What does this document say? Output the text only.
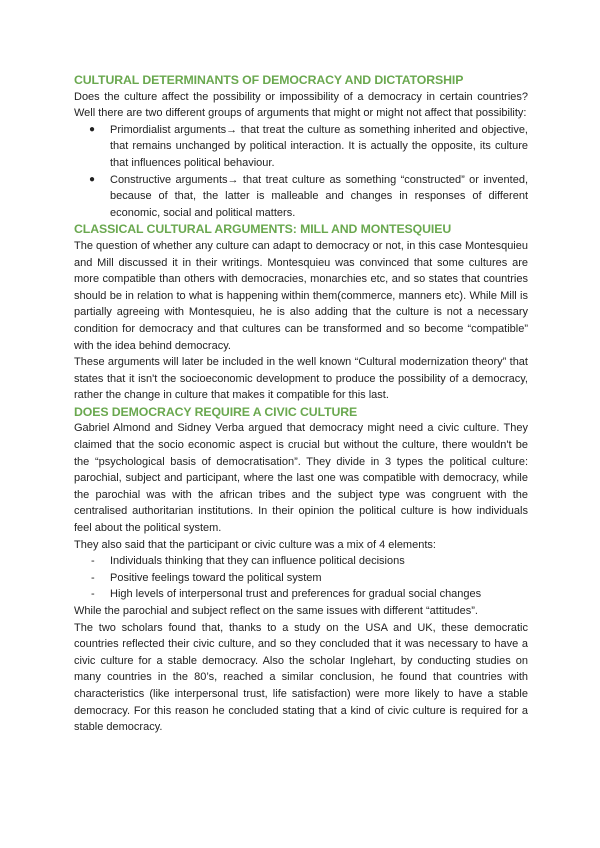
CULTURAL DETERMINANTS OF DEMOCRACY AND DICTATORSHIP

Does the culture affect the possibility or impossibility of a democracy in certain countries? Well there are two different groups of arguments that might or might not affect that possibility:

● Primordialist arguments→ that treat the culture as something inherited and objective, that remains unchanged by political interaction. It is actually the opposite, its culture that influences political behaviour.
● Constructive arguments→ that treat culture as something “constructed” or invented, because of that, the latter is malleable and changes in responses of different economic, social and political matters.
CLASSICAL CULTURAL ARGUMENTS: MILL AND MONTESQUIEU

The question of whether any culture can adapt to democracy or not, in this case Montesquieu and Mill discussed it in their writings. Montesquieu was convinced that some cultures are more compatible than others with democracies, monarchies etc, and so states that countries should be in relation to what is happening within them(commerce, manners etc). While Mill is partially agreeing with Montesquieu, he is also adding that the culture is not a necessary condition for democracy and that cultures can be transformed and so become “compatible” with the idea behind democracy.

These arguments will later be included in the well known “Cultural modernization theory” that states that it isn't the socioeconomic development to produce the possibility of a democracy, rather the change in culture that makes it compatible for this last.

DOES DEMOCRACY REQUIRE A CIVIC CULTURE

Gabriel Almond and Sidney Verba argued that democracy might need a civic culture. They claimed that the socio economic aspect is crucial but without the culture, there wouldn't be the “psychological basis of democratisation”. They divide in 3 types the political culture: parochial, subject and participant, where the last one was compatible with democracy, while the parochial was with the african tribes and the subject type was congruent with the centralised authoritarian institutions. In their opinion the political culture is how individuals feel about the political system.

They also said that the participant or civic culture was a mix of 4 elements:

- Individuals thinking that they can influence political decisions
- Positive feelings toward the political system
- High levels of interpersonal trust and preferences for gradual social changes

While the parochial and subject reflect on the same issues with different “attitudes”.

The two scholars found that, thanks to a study on the USA and UK, these democratic countries reflected their civic culture, and so they concluded that it was necessary to have a civic culture for a stable democracy. Also the scholar Inglehart, by conducting studies on many countries in the 80’s, reached a similar conclusion, he found that countries with characteristics (like interpersonal trust, life satisfaction) were more likely to have a stable democracy. For this reason he concluded stating that a kind of civic culture is required for a stable democracy.
